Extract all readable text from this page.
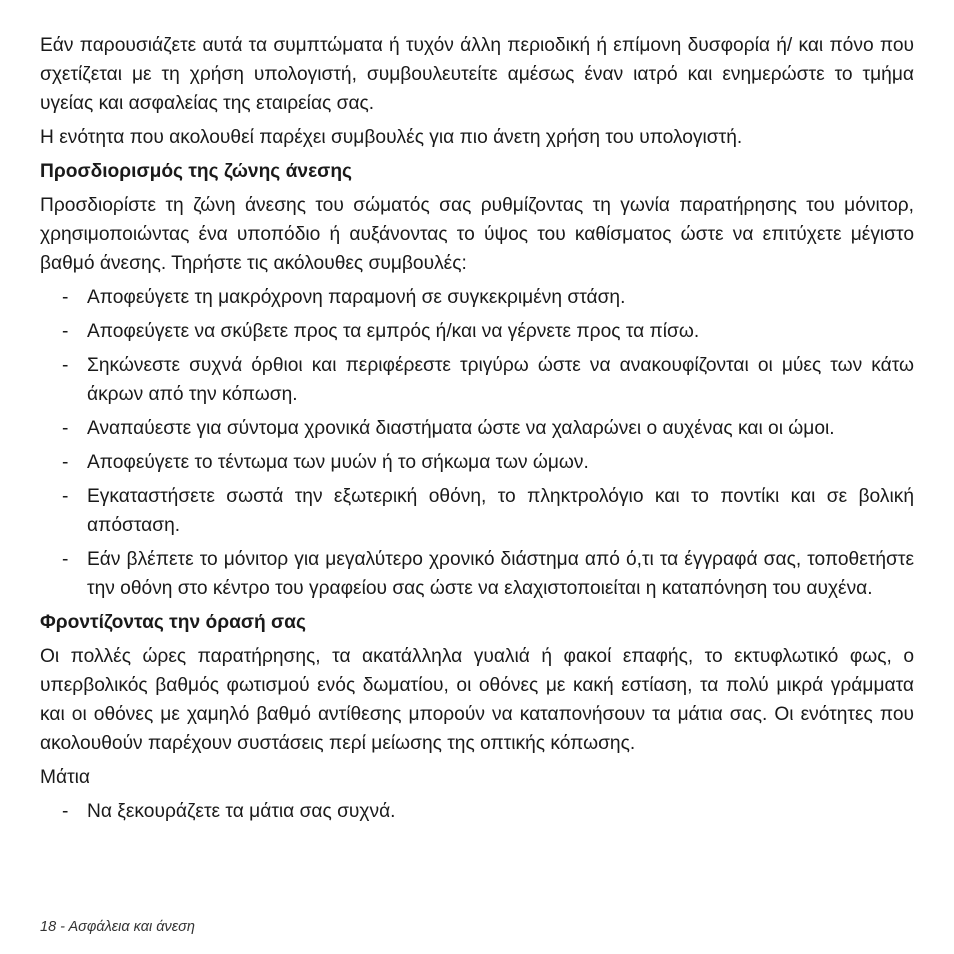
Εάν παρουσιάζετε αυτά τα συμπτώματα ή τυχόν άλλη περιοδική ή επίμονη δυσφορία ή/ και πόνο που σχετίζεται με τη χρήση υπολογιστή, συμβουλευτείτε αμέσως έναν ιατρό και ενημερώστε το τμήμα υγείας και ασφαλείας της εταιρείας σας.

Η ενότητα που ακολουθεί παρέχει συμβουλές για πιο άνετη χρήση του υπολογιστή.

Προσδιορισμός της ζώνης άνεσης

Προσδιορίστε τη ζώνη άνεσης του σώματός σας ρυθμίζοντας τη γωνία παρατήρησης του μόνιτορ, χρησιμοποιώντας ένα υποπόδιο ή αυξάνοντας το ύψος του καθίσματος ώστε να επιτύχετε μέγιστο βαθμό άνεσης. Τηρήστε τις ακόλουθες συμβουλές:

- Αποφεύγετε τη μακρόχρονη παραμονή σε συγκεκριμένη στάση.
- Αποφεύγετε να σκύβετε προς τα εμπρός ή/και να γέρνετε προς τα πίσω.
- Σηκώνεστε συχνά όρθιοι και περιφέρεστε τριγύρω ώστε να ανακουφίζονται οι μύες των κάτω άκρων από την κόπωση.
- Αναπαύεστε για σύντομα χρονικά διαστήματα ώστε να χαλαρώνει ο αυχένας και οι ώμοι.
- Αποφεύγετε το τέντωμα των μυών ή το σήκωμα των ώμων.
- Εγκαταστήσετε σωστά την εξωτερική οθόνη, το πληκτρολόγιο και το ποντίκι και σε βολική απόσταση.
- Εάν βλέπετε το μόνιτορ για μεγαλύτερο χρονικό διάστημα από ό,τι τα έγγραφά σας, τοποθετήστε την οθόνη στο κέντρο του γραφείου σας ώστε να ελαχιστοποιείται η καταπόνηση του αυχένα.
Φροντίζοντας την όρασή σας

Οι πολλές ώρες παρατήρησης, τα ακατάλληλα γυαλιά ή φακοί επαφής, το εκτυφλωτικό φως, ο υπερβολικός βαθμός φωτισμού ενός δωματίου, οι οθόνες με κακή εστίαση, τα πολύ μικρά γράμματα και οι οθόνες με χαμηλό βαθμό αντίθεσης μπορούν να καταπονήσουν τα μάτια σας. Οι ενότητες που ακολουθούν παρέχουν συστάσεις περί μείωσης της οπτικής κόπωσης.

Μάτια

- Να ξεκουράζετε τα μάτια σας συχνά.
18 - Ασφάλεια και άνεση
